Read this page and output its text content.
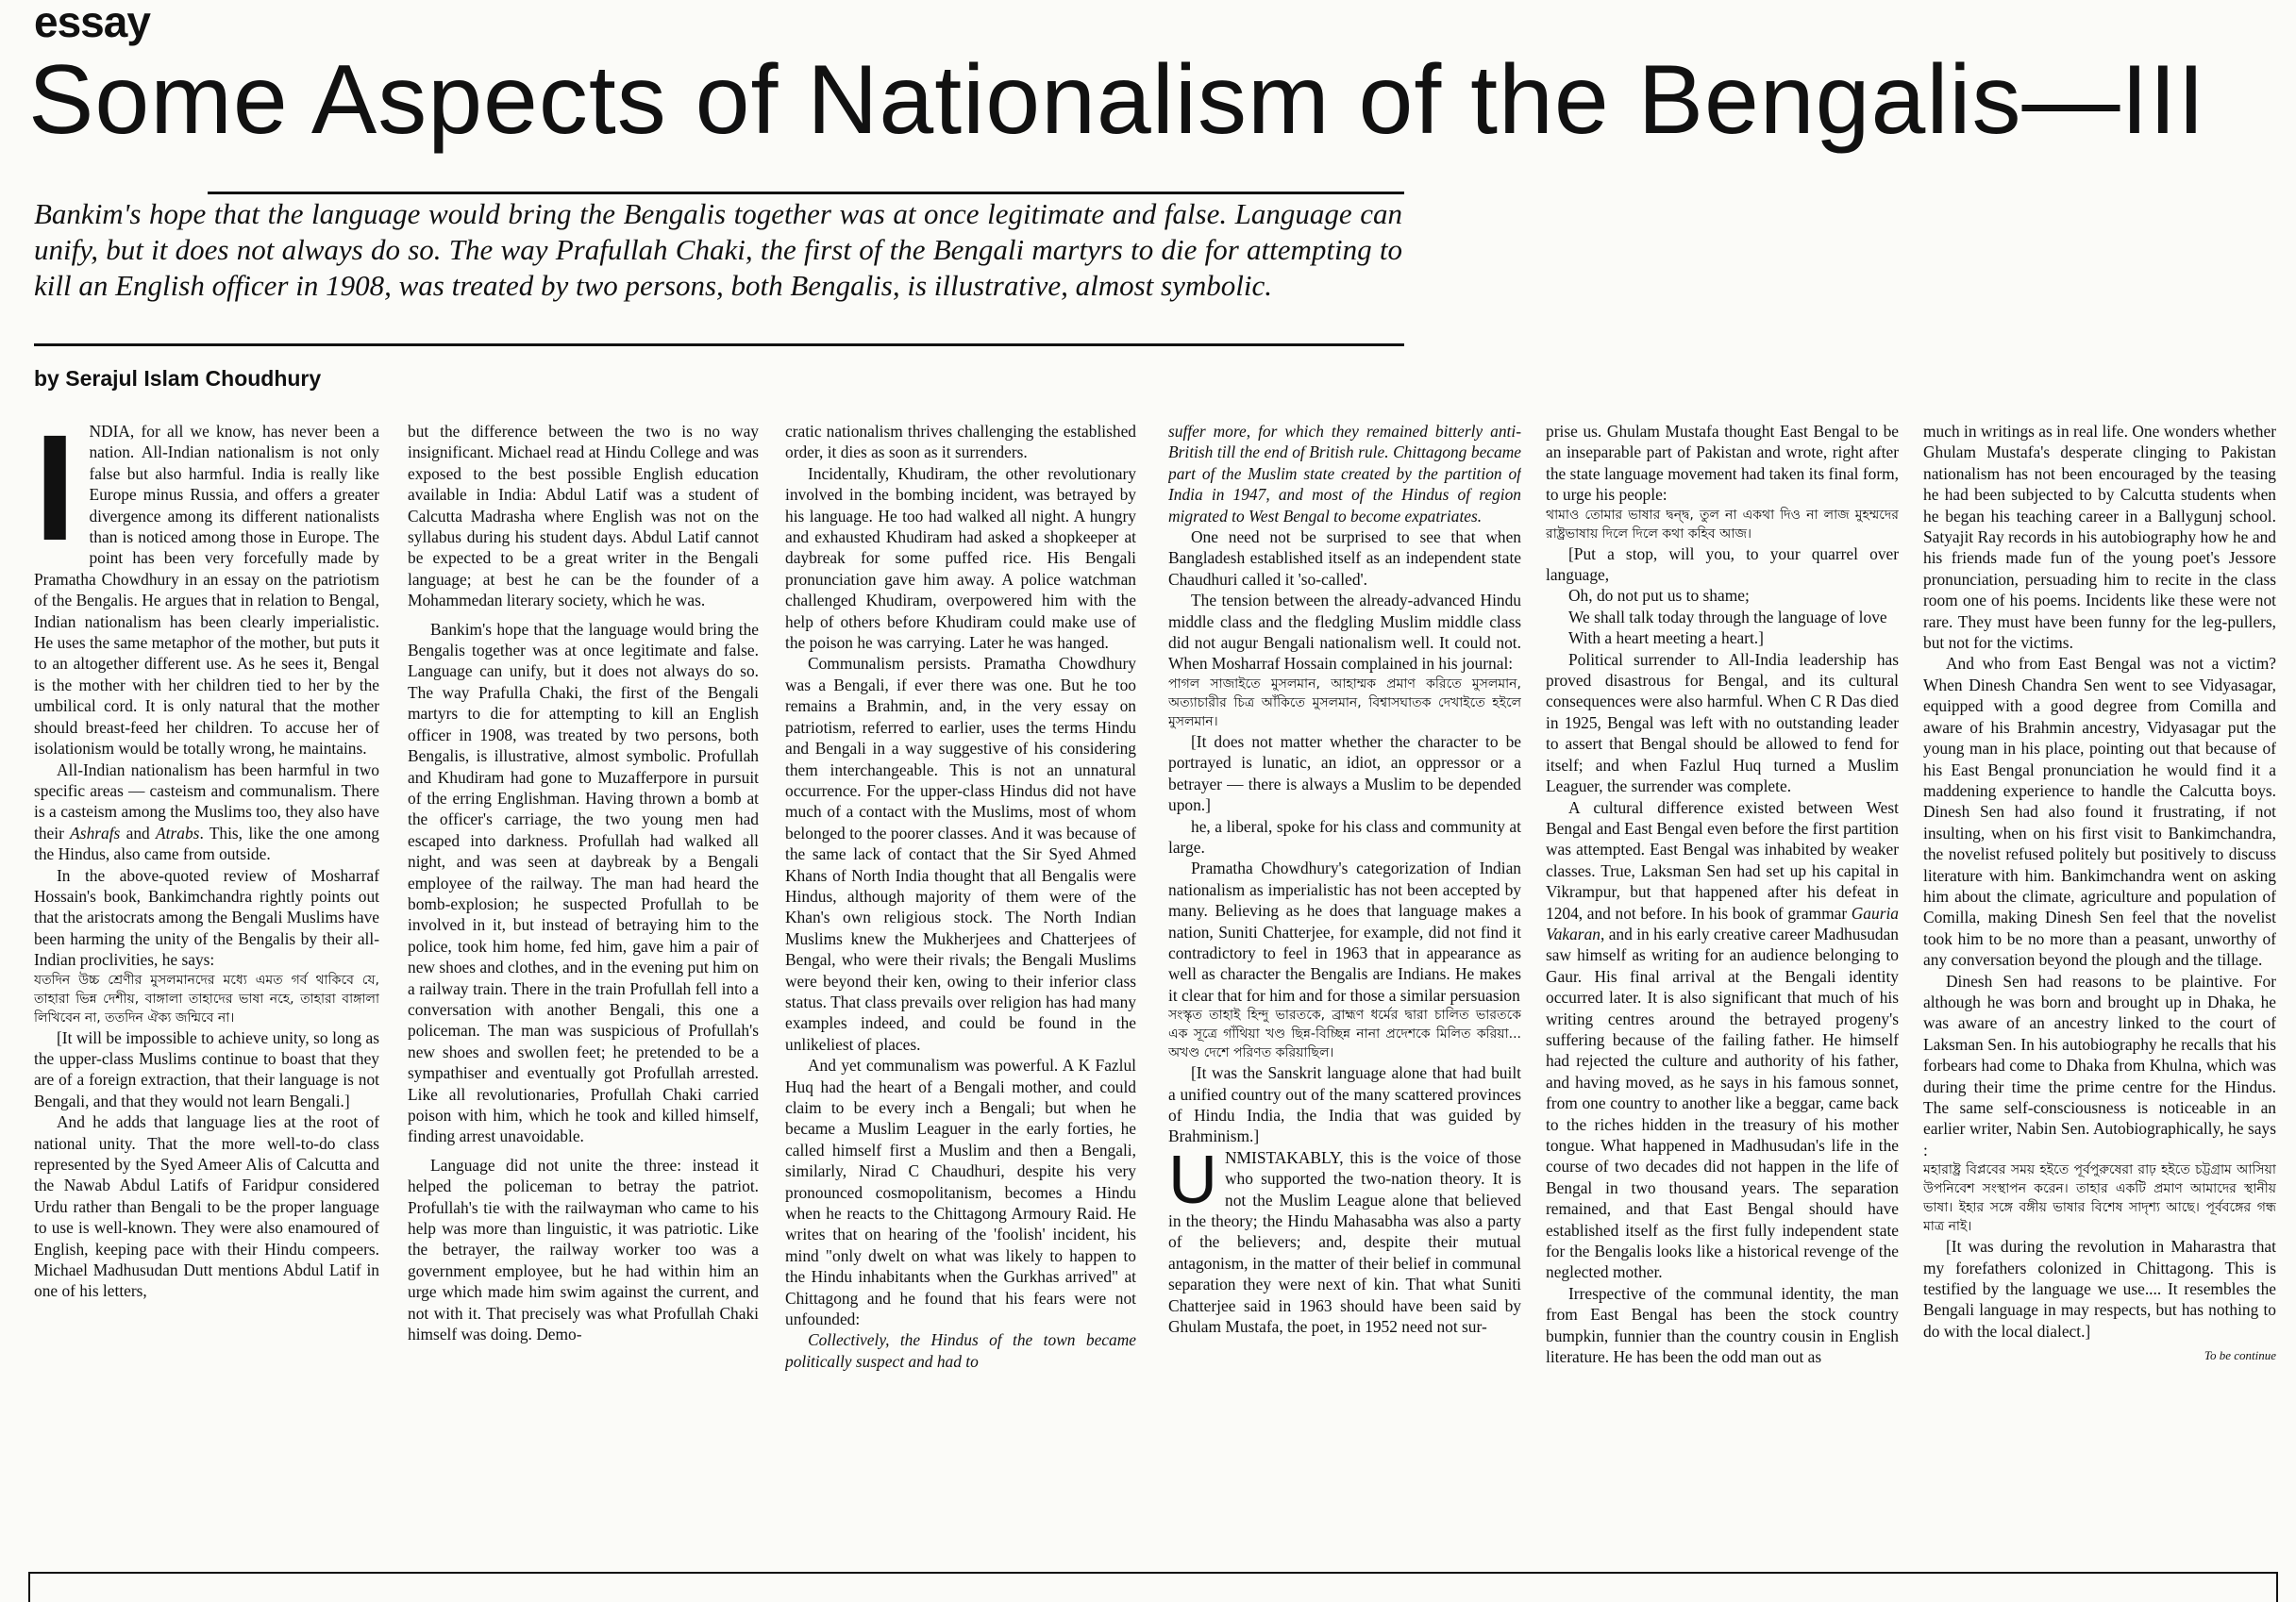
essay
Some Aspects of Nationalism of the Bengalis—III
Bankim's hope that the language would bring the Bengalis together was at once legitimate and false. Language can unify, but it does not always do so. The way Prafullah Chaki, the first of the Bengali martyrs to die for attempting to kill an English officer in 1908, was treated by two persons, both Bengalis, is illustrative, almost symbolic.
by Serajul Islam Choudhury
I NDIA, for all we know, has never been a nation. All-Indian nationalism is not only false but also harmful. India is really like Europe minus Russia, and offers a greater divergence among its different nationalists than is noticed among those in Europe. The point has been very forcefully made by Pramatha Chowdhury in an essay on the patriotism of the Bengalis. He argues that in relation to Bengal, Indian nationalism has been clearly imperialistic. He uses the same metaphor of the mother, but puts it to an altogether different use. As he sees it, Bengal is the mother with her children tied to her by the umbilical cord. It is only natural that the mother should breast-feed her children. To accuse her of isolationism would be totally wrong, he maintains.

All-Indian nationalism has been harmful in two specific areas — casteism and communalism. There is a casteism among the Muslims too, they also have their Ashrafs and Atrabs. This, like the one among the Hindus, also came from outside.

In the above-quoted review of Mosharraf Hossain's book, Bankimchandra rightly points out that the aristocrats among the Bengali Muslims have been harming the unity of the Bengalis by their all-Indian proclivities, he says:

যতদিন উচ্চ শ্রেণীর মুসলমানদের মধ্যে এমত গর্ব থাকিবে যে, তাহারা ভিন্ন দেশীয়, বাঙ্গালা তাহাদের ভাষা নহে, তাহারা বাঙ্গালা লিখিবেন না, ততদিন ঐক্য জন্মিবে না।

[It will be impossible to achieve unity, so long as the upper-class Muslims continue to boast that they are of a foreign extraction, that their language is not Bengali, and that they would not learn Bengali.]

And he adds that language lies at the root of national unity. That the more well-to-do class represented by the Syed Ameer Alis of Calcutta and the Nawab Abdul Latifs of Faridpur considered Urdu rather than Bengali to be the proper language to use is well-known. They were also enamoured of English, keeping pace with their Hindu compeers. Michael Madhusudan Dutt mentions Abdul Latif in one of his letters,

but the difference between the two is no way insignificant. Michael read at Hindu College and was exposed to the best possible English education available in India: Abdul Latif was a student of Calcutta Madrasha where English was not on the syllabus during his student days. Abdul Latif cannot be expected to be a great writer in the Bengali language; at best he can be the founder of a Mohammedan literary society, which he was.

Bankim's hope that the language would bring the Bengalis together was at once legitimate and false. Language can unify, but it does not always do so. The way Prafulla Chaki, the first of the Bengali martyrs to die for attempting to kill an English officer in 1908, was treated by two persons, both Bengalis, is illustrative, almost symbolic. Profullah and Khudiram had gone to Muzafferpore in pursuit of the erring Englishman. Having thrown a bomb at the officer's carriage, the two young men had escaped into darkness. Profullah had walked all night, and was seen at daybreak by a Bengali employee of the railway. The man had heard the bomb-explosion; he suspected Profullah to be involved in it, but instead of betraying him to the police, took him home, fed him, gave him a pair of new shoes and clothes, and in the evening put him on a railway train. There in the train Profullah fell into a conversation with another Bengali, this one a policeman. The man was suspicious of Profullah's new shoes and swollen feet; he pretended to be a sympathiser and eventually got Profullah arrested. Like all revolutionaries, Profullah Chaki carried poison with him, which he took and killed himself, finding arrest unavoidable.

Language did not unite the three: instead it helped the policeman to betray the patriot. Profullah's tie with the railwayman who came to his help was more than linguistic, it was patriotic. Like the betrayer, the railway worker too was a government employee, but he had within him an urge which made him swim against the current, and not with it. That precisely was what Profullah Chaki himself was doing. Demo-

cratic nationalism thrives challenging the established order, it dies as soon as it surrenders.

Incidentally, Khudiram, the other revolutionary involved in the bombing incident, was betrayed by his language. He too had walked all night. A hungry and exhausted Khudiram had asked a shopkeeper at daybreak for some puffed rice. His Bengali pronunciation gave him away. A police watchman challenged Khudiram, overpowered him with the help of others before Khudiram could make use of the poison he was carrying. Later he was hanged.

Communalism persists. Pramatha Chowdhury was a Bengali, if ever there was one. But he too remains a Brahmin, and, in the very essay on patriotism, referred to earlier, uses the terms Hindu and Bengali in a way suggestive of his considering them interchangeable. This is not an unnatural occurrence. For the upper-class Hindus did not have much of a contact with the Muslims, most of whom belonged to the poorer classes. And it was because of the same lack of contact that the Sir Syed Ahmed Khans of North India thought that all Bengalis were Hindus, although majority of them were of the Khan's own religious stock. The North Indian Muslims knew the Mukherjees and Chatterjees of Bengal, who were their rivals; the Bengali Muslims were beyond their ken, owing to their inferior class status. That class prevails over religion has had many examples indeed, and could be found in the unlikeliest of places.

And yet communalism was powerful. A K Fazlul Huq had the heart of a Bengali mother, and could claim to be every inch a Bengali; but when he became a Muslim Leaguer in the early forties, he called himself first a Muslim and then a Bengali, similarly, Nirad C Chaudhuri, despite his very pronounced cosmopolitanism, becomes a Hindu when he reacts to the Chittagong Armoury Raid. He writes that on hearing of the 'foolish' incident, his mind "only dwelt on what was likely to happen to the Hindu inhabitants when the Gurkhas arrived" at Chittagong and he found that his fears were not unfounded:

Collectively, the Hindus of the town became politically suspect and had to

suffer more, for which they remained bitterly anti-British till the end of British rule. Chittagong became part of the Muslim state created by the partition of India in 1947, and most of the Hindus of region migrated to West Bengal to become expatriates.

One need not be surprised to see that when Bangladesh established itself as an independent state Chaudhuri called it 'so-called'.

The tension between the already-advanced Hindu middle class and the fledgling Muslim middle class did not augur Bengali nationalism well. It could not. When Mosharraf Hossain complained in his journal:

পাগল সাজাইতে মুসলমান, আহাম্মক প্রমাণ করিতে মুসলমান, অত্যাচারীর চিত্র আঁকিতে মুসলমান, বিশ্বাসঘাতক দেখাইতে হইলে মুসলমান।

[It does not matter whether the character to be portrayed is lunatic, an idiot, an oppressor or a betrayer — there is always a Muslim to be depended upon.]

he, a liberal, spoke for his class and community at large.

Pramatha Chowdhury's categorization of Indian nationalism as imperialistic has not been accepted by many. Believing as he does that language makes a nation, Suniti Chatterjee, for example, did not find it contradictory to feel in 1963 that in appearance as well as character the Bengalis are Indians. He makes it clear that for him and for those a similar persuasion

সংস্কৃত তাহাই হিন্দু ভারতকে, ব্রাহ্মণ ধর্মের দ্বারা চালিত ভারতকে এক সূত্রে গাঁথিয়া খণ্ড ছিন্ন-বিচ্ছিন্ন নানা প্রদেশকে মিলিত করিয়া... অখণ্ড দেশে পরিণত করিয়াছিল।

[It was the Sanskrit language alone that had built a unified country out of the many scattered provinces of Hindu India, the India that was guided by Brahminism.]

U NMISTAKABLY, this is the voice of those who supported the two-nation theory. It is not the Muslim League alone that believed in the theory; the Hindu Mahasabha was also a party of the believers; and, despite their mutual antagonism, in the matter of their belief in communal separation they were next of kin. That what Suniti Chatterjee said in 1963 should have been said by Ghulam Mustafa, the poet, in 1952 need not sur-

prise us. Ghulam Mustafa thought East Bengal to be an inseparable part of Pakistan and wrote, right after the state language movement had taken its final form, to urge his people:

থামাও তোমার ভাষার দ্বন্দ্ব, তুল না একথা দিও না লাজ মুহম্মদের রাষ্ট্রভাষায় দিলে দিলে কথা কহিব আজ।

[Put a stop, will you, to your quarrel over language,

Oh, do not put us to shame;

We shall talk today through the language of love

With a heart meeting a heart.]

Political surrender to All-India leadership has proved disastrous for Bengal, and its cultural consequences were also harmful. When C R Das died in 1925, Bengal was left with no outstanding leader to assert that Bengal should be allowed to fend for itself; and when Fazlul Huq turned a Muslim Leaguer, the surrender was complete.

A cultural difference existed between West Bengal and East Bengal even before the first partition was attempted. East Bengal was inhabited by weaker classes. True, Laksman Sen had set up his capital in Vikrampur, but that happened after his defeat in 1204, and not before. In his book of grammar Gauria Vakaran, and in his early creative career Madhusudan saw himself as writing for an audience belonging to Gaur. His final arrival at the Bengali identity occurred later. It is also significant that much of his writing centres around the betrayed progeny's suffering because of the failing father. He himself had rejected the culture and authority of his father, and having moved, as he says in his famous sonnet, from one country to another like a beggar, came back to the riches hidden in the treasury of his mother tongue. What happened in Madhusudan's life in the course of two decades did not happen in the life of Bengal in two thousand years. The separation remained, and that East Bengal should have established itself as the first fully independent state for the Bengalis looks like a historical revenge of the neglected mother.

Irrespective of the communal identity, the man from East Bengal has been the stock country bumpkin, funnier than the country cousin in English literature. He has been the odd man out as

much in writings as in real life. One wonders whether Ghulam Mustafa's desperate clinging to Pakistan nationalism has not been encouraged by the teasing he had been subjected to by Calcutta students when he began his teaching career in a Ballygunj school. Satyajit Ray records in his autobiography how he and his friends made fun of the young poet's Jessore pronunciation, persuading him to recite in the class room one of his poems. Incidents like these were not rare. They must have been funny for the leg-pullers, but not for the victims.

And who from East Bengal was not a victim? When Dinesh Chandra Sen went to see Vidyasagar, equipped with a good degree from Comilla and aware of his Brahmin ancestry, Vidyasagar put the young man in his place, pointing out that because of his East Bengal pronunciation he would find it a maddening experience to handle the Calcutta boys. Dinesh Sen had also found it frustrating, if not insulting, when on his first visit to Bankimchandra, the novelist refused politely but positively to discuss literature with him. Bankimchandra went on asking him about the climate, agriculture and population of Comilla, making Dinesh Sen feel that the novelist took him to be no more than a peasant, unworthy of any conversation beyond the plough and the tillage.

Dinesh Sen had reasons to be plaintive. For although he was born and brought up in Dhaka, he was aware of an ancestry linked to the court of Laksman Sen. In his autobiography he recalls that his forbears had come to Dhaka from Khulna, which was during their time the prime centre for the Hindus. The same self-consciousness is noticeable in an earlier writer, Nabin Sen. Autobiographically, he says :

মহারাষ্ট্র বিপ্লবের সময় হইতে পূর্বপুরুষেরা রাঢ় হইতে চট্টগ্রাম আসিয়া উপনিবেশ সংস্থাপন করেন। তাহার একটি প্রমাণ আমাদের স্থানীয় ভাষা। ইহার সঙ্গে বঙ্গীয় ভাষার বিশেষ সাদৃশ্য আছে। পূর্ববঙ্গের গন্ধ মাত্র নাই।

[It was during the revolution in Maharastra that my forefathers colonized in Chittagong. This is testified by the language we use.... It resembles the Bengali language in may respects, but has nothing to do with the local dialect.]

To be continue
